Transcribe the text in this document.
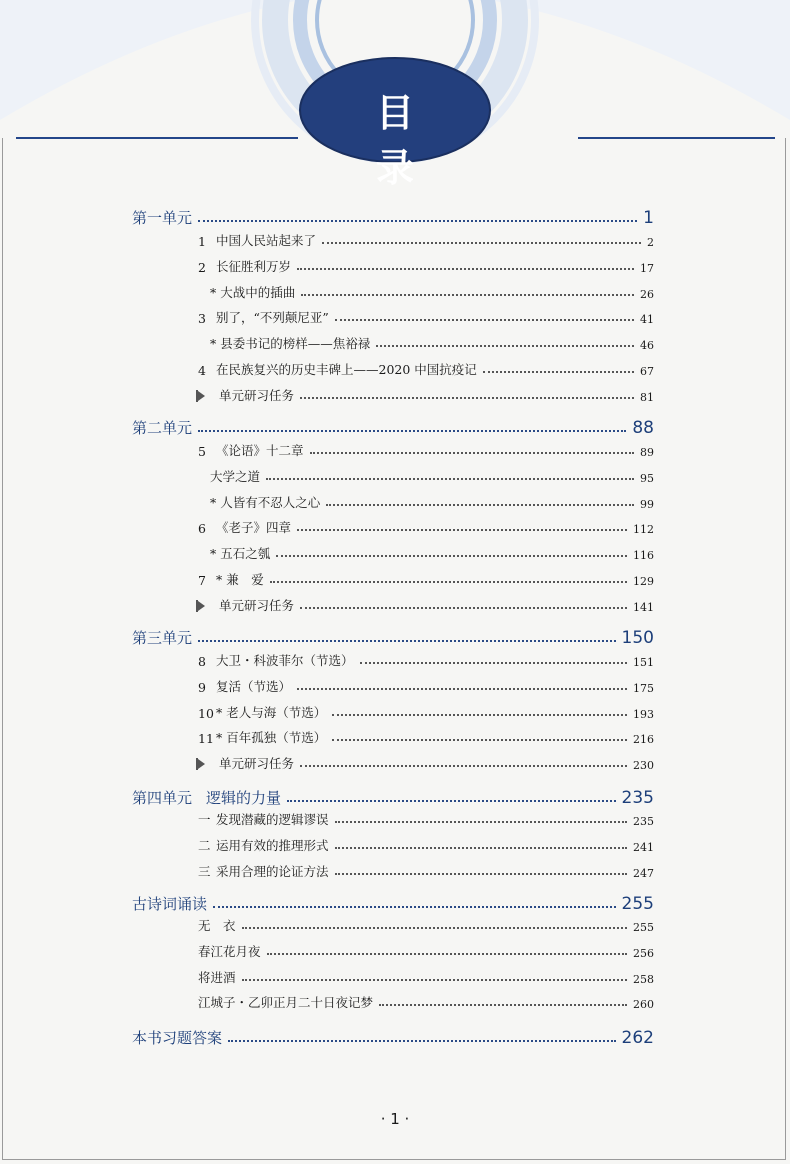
目 录
第一单元	1
1 中国人民站起来了	2
2 长征胜利万岁	17
* 大战中的插曲	26
3 别了，“不列颠尼亚”	41
* 县委书记的榜样——焦裕禄	46
4 在民族复兴的历史丰碑上——2020 中国抗疫记	67
单元研习任务	81
第二单元	88
5 《论语》十二章	89
大学之道	95
* 人皆有不忍人之心	99
6 《老子》四章	112
* 五石之瓠	116
7 * 兼　爱	129
单元研习任务	141
第三单元	150
8 大卫・科波菲尔（节选）	151
9 复活（节选）	175
10 * 老人与海（节选）	193
11 * 百年孤独（节选）	216
单元研习任务	230
第四单元 逻辑的力量	235
一 发现潜藏的逻辑谬误	235
二 运用有效的推理形式	241
三 采用合理的论证方法	247
古诗词诵读	255
无　衣	255
春江花月夜	256
将进酒	258
江城子・乙卯正月二十日夜记梦	260
本书习题答案	262
· 1 ·
